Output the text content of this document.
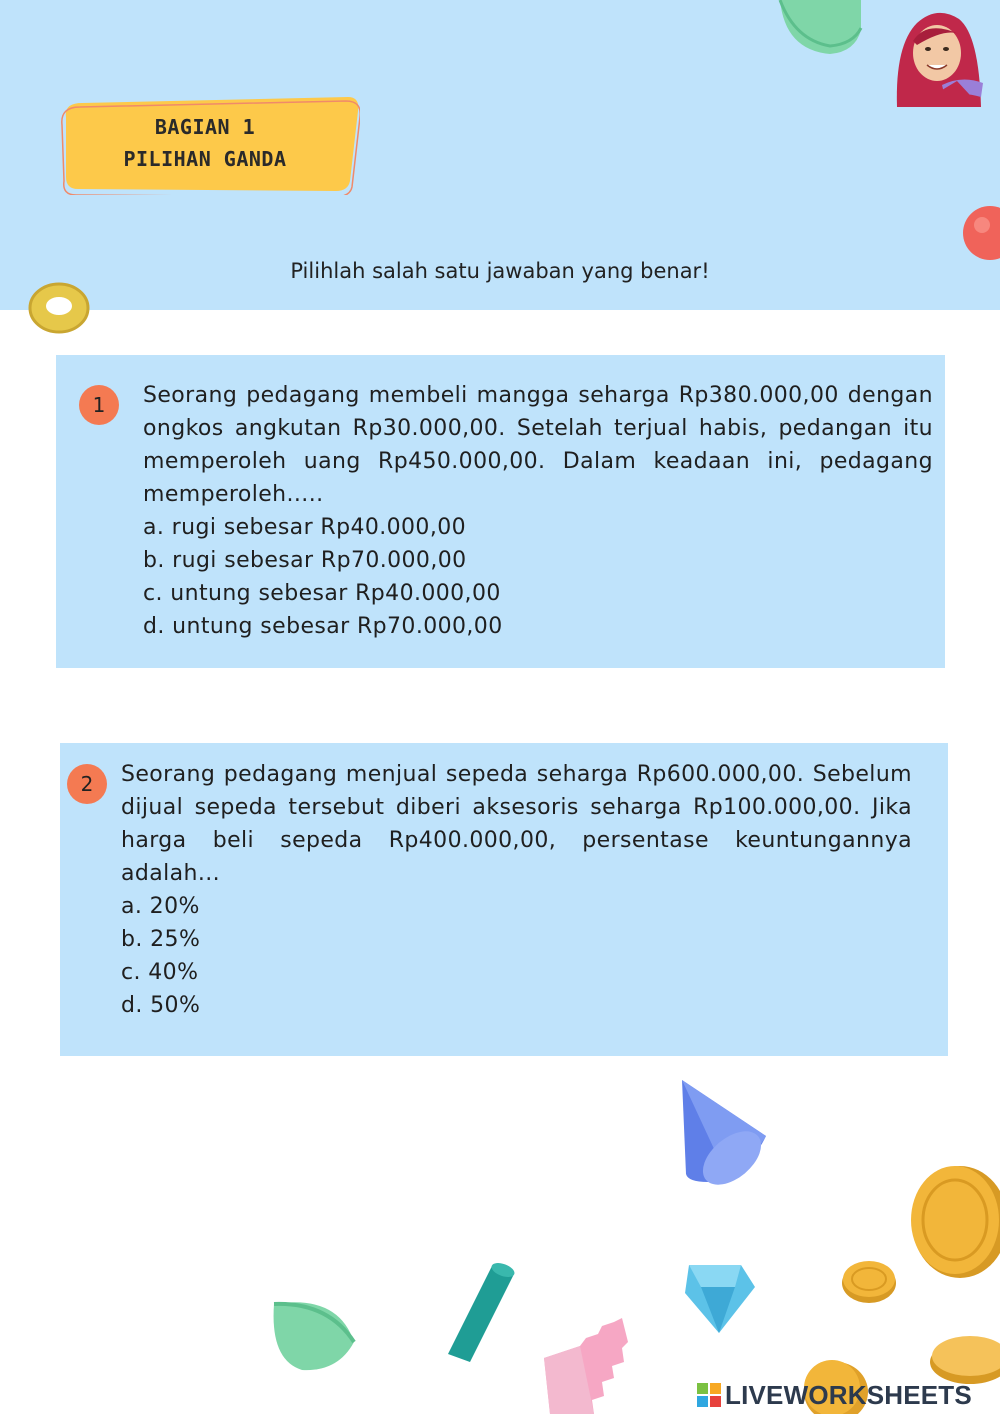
BAGIAN 1
PILIHAN GANDA
Pilihlah salah satu jawaban yang benar!
1	Seorang pedagang membeli mangga seharga Rp380.000,00 dengan ongkos angkutan Rp30.000,00. Setelah terjual habis, pedangan itu memperoleh uang Rp450.000,00. Dalam keadaan ini, pedagang memperoleh.....
a. rugi sebesar Rp40.000,00
b. rugi sebesar Rp70.000,00
c. untung sebesar Rp40.000,00
d. untung sebesar Rp70.000,00
2	Seorang pedagang menjual sepeda seharga Rp600.000,00. Sebelum dijual sepeda tersebut diberi aksesoris seharga Rp100.000,00. Jika harga beli sepeda Rp400.000,00, persentase keuntungannya adalah...
a. 20%
b. 25%
c. 40%
d. 50%
LIVEWORKSHEETS
